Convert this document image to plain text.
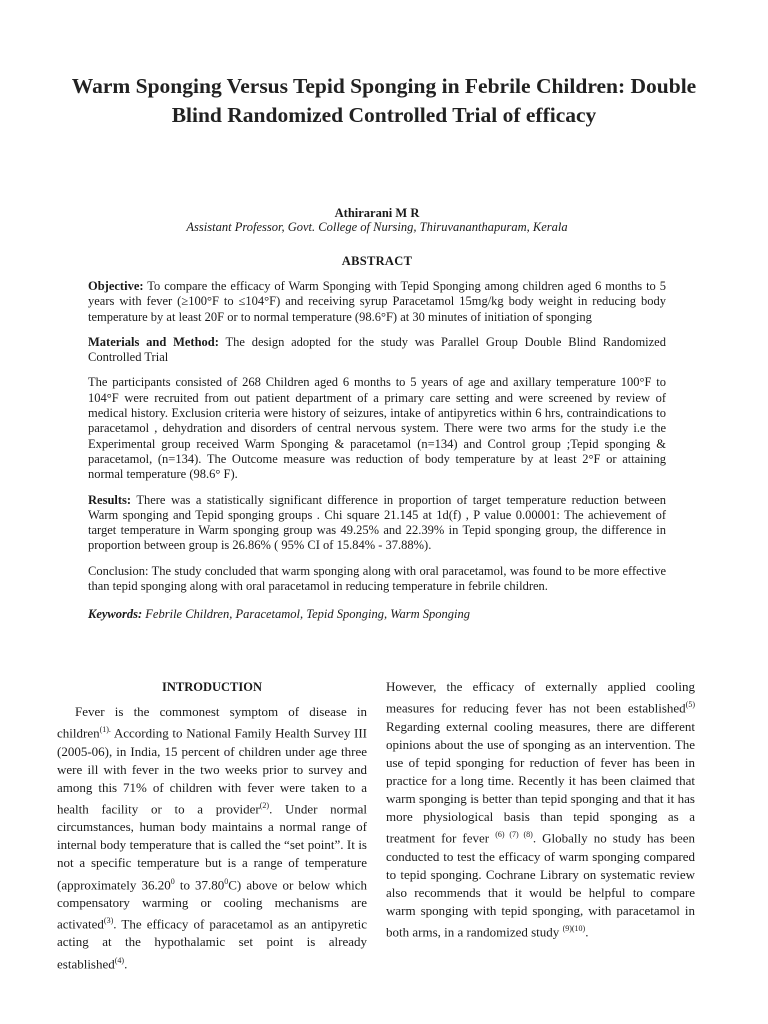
Warm Sponging Versus Tepid Sponging in Febrile Children: Double Blind Randomized Controlled Trial of efficacy
Athirarani M R
Assistant Professor, Govt. College of Nursing, Thiruvananthapuram, Kerala
ABSTRACT

Objective: To compare the efficacy of Warm Sponging with Tepid Sponging among children aged 6 months to 5 years with fever (≥100°F to ≤104°F) and receiving syrup Paracetamol 15mg/kg body weight in reducing body temperature by at least 20F or to normal temperature (98.6°F) at 30 minutes of initiation of sponging

Materials and Method: The design adopted for the study was Parallel Group Double Blind Randomized Controlled Trial

The participants consisted of 268 Children aged 6 months to 5 years of age and axillary temperature 100°F to 104°F were recruited from out patient department of a primary care setting and were screened by review of medical history. Exclusion criteria were history of seizures, intake of antipyretics within 6 hrs, contraindications to paracetamol , dehydration and disorders of central nervous system. There were two arms for the study i.e the Experimental group received Warm Sponging & paracetamol (n=134) and Control group ;Tepid sponging & paracetamol, (n=134). The Outcome measure was reduction of body temperature by at least 2°F or attaining normal temperature (98.6° F).

Results: There was a statistically significant difference in proportion of target temperature reduction between Warm sponging and Tepid sponging groups . Chi square 21.145 at 1d(f) , P value 0.00001: The achievement of target temperature in Warm sponging group was 49.25% and 22.39% in Tepid sponging group, the difference in proportion between group is 26.86% ( 95% CI of 15.84% - 37.88%).

Conclusion: The study concluded that warm sponging along with oral paracetamol, was found to be more effective than tepid sponging along with oral paracetamol in reducing temperature in febrile children.

Keywords: Febrile Children, Paracetamol, Tepid Sponging, Warm Sponging

INTRODUCTION

Fever is the commonest symptom of disease in children$^{(1).}$ According to National Family Health Survey III (2005-06), in India, 15 percent of children under age three were ill with fever in the two weeks prior to survey and among this 71% of children with fever were taken to a health facility or to a provider$^{(2)}$. Under normal circumstances, human body maintains a normal range of internal body temperature that is called the “set point”. It is not a specific temperature but is a range of temperature (approximately 36.20$^0$ to 37.80$^0$C) above or below which compensatory warming or cooling mechanisms are activated$^{(3)}$. The efficacy of paracetamol as an antipyretic acting at the hypothalamic set point is already established$^{(4)}$.

However, the efficacy of externally applied cooling measures for reducing fever has not been established$^{(5)}$ Regarding external cooling measures, there are different opinions about the use of sponging as an intervention. The use of tepid sponging for reduction of fever has been in practice for a long time. Recently it has been claimed that warm sponging is better than tepid sponging and that it has more physiological basis than tepid sponging as a treatment for fever $^{(6) (7) (8)}$. Globally no study has been conducted to test the efficacy of warm sponging compared to tepid sponging. Cochrane Library on systematic review also recommends that it would be helpful to compare warm sponging with tepid sponging, with paracetamol in both arms, in a randomized study $^{(9)(10)}$.
